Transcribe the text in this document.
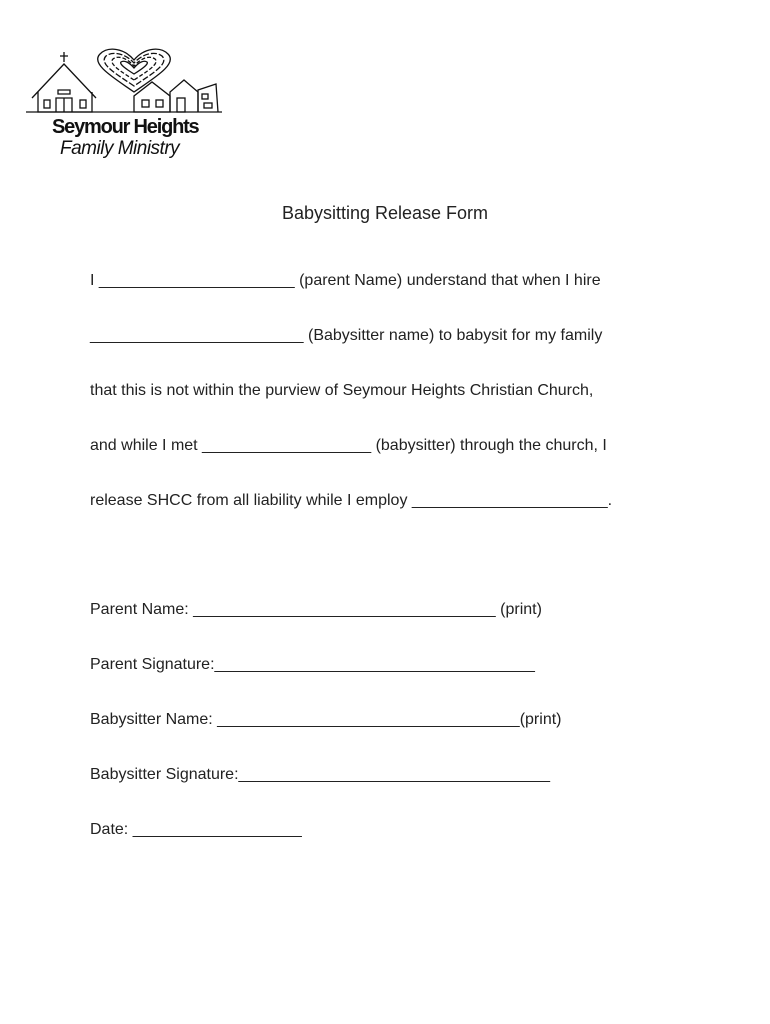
Seymour Heights
Family Ministry
Babysitting Release Form
I ______________________ (parent Name) understand that when I hire
________________________ (Babysitter name) to babysit for my family
that this is not within the purview of Seymour Heights Christian Church,
and while I met ___________________ (babysitter) through the church, I
release SHCC from all liability while I employ ______________________.
Parent Name: __________________________________ (print)
Parent Signature:____________________________________
Babysitter Name: __________________________________(print)
Babysitter Signature:___________________________________
Date: ___________________
